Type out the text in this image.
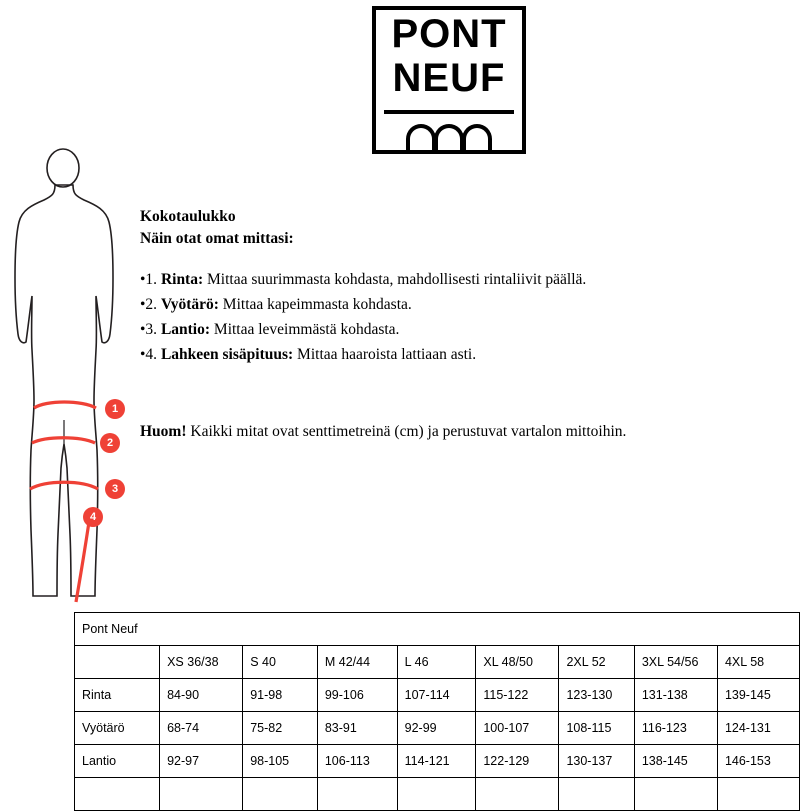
PONT
NEUF
1
2
3
4
Kokotaulukko
Näin otat omat mittasi:
•1. Rinta: Mittaa suurimmasta kohdasta, mahdollisesti rintaliivit päällä.
•2. Vyötärö: Mittaa kapeimmasta kohdasta.
•3. Lantio: Mittaa leveimmästä kohdasta.
•4. Lahkeen sisäpituus: Mittaa haaroista lattiaan asti.
Huom! Kaikki mitat ovat senttimetreinä (cm) ja perustuvat vartalon mittoihin.
Pont Neuf								
	XS 36/38	S 40	M 42/44	L 46	XL 48/50	2XL 52	3XL 54/56	4XL 58
Rinta	84-90	91-98	99-106	107-114	115-122	123-130	131-138	139-145
Vyötärö	68-74	75-82	83-91	92-99	100-107	108-115	116-123	124-131
Lantio	92-97	98-105	106-113	114-121	122-129	130-137	138-145	146-153
